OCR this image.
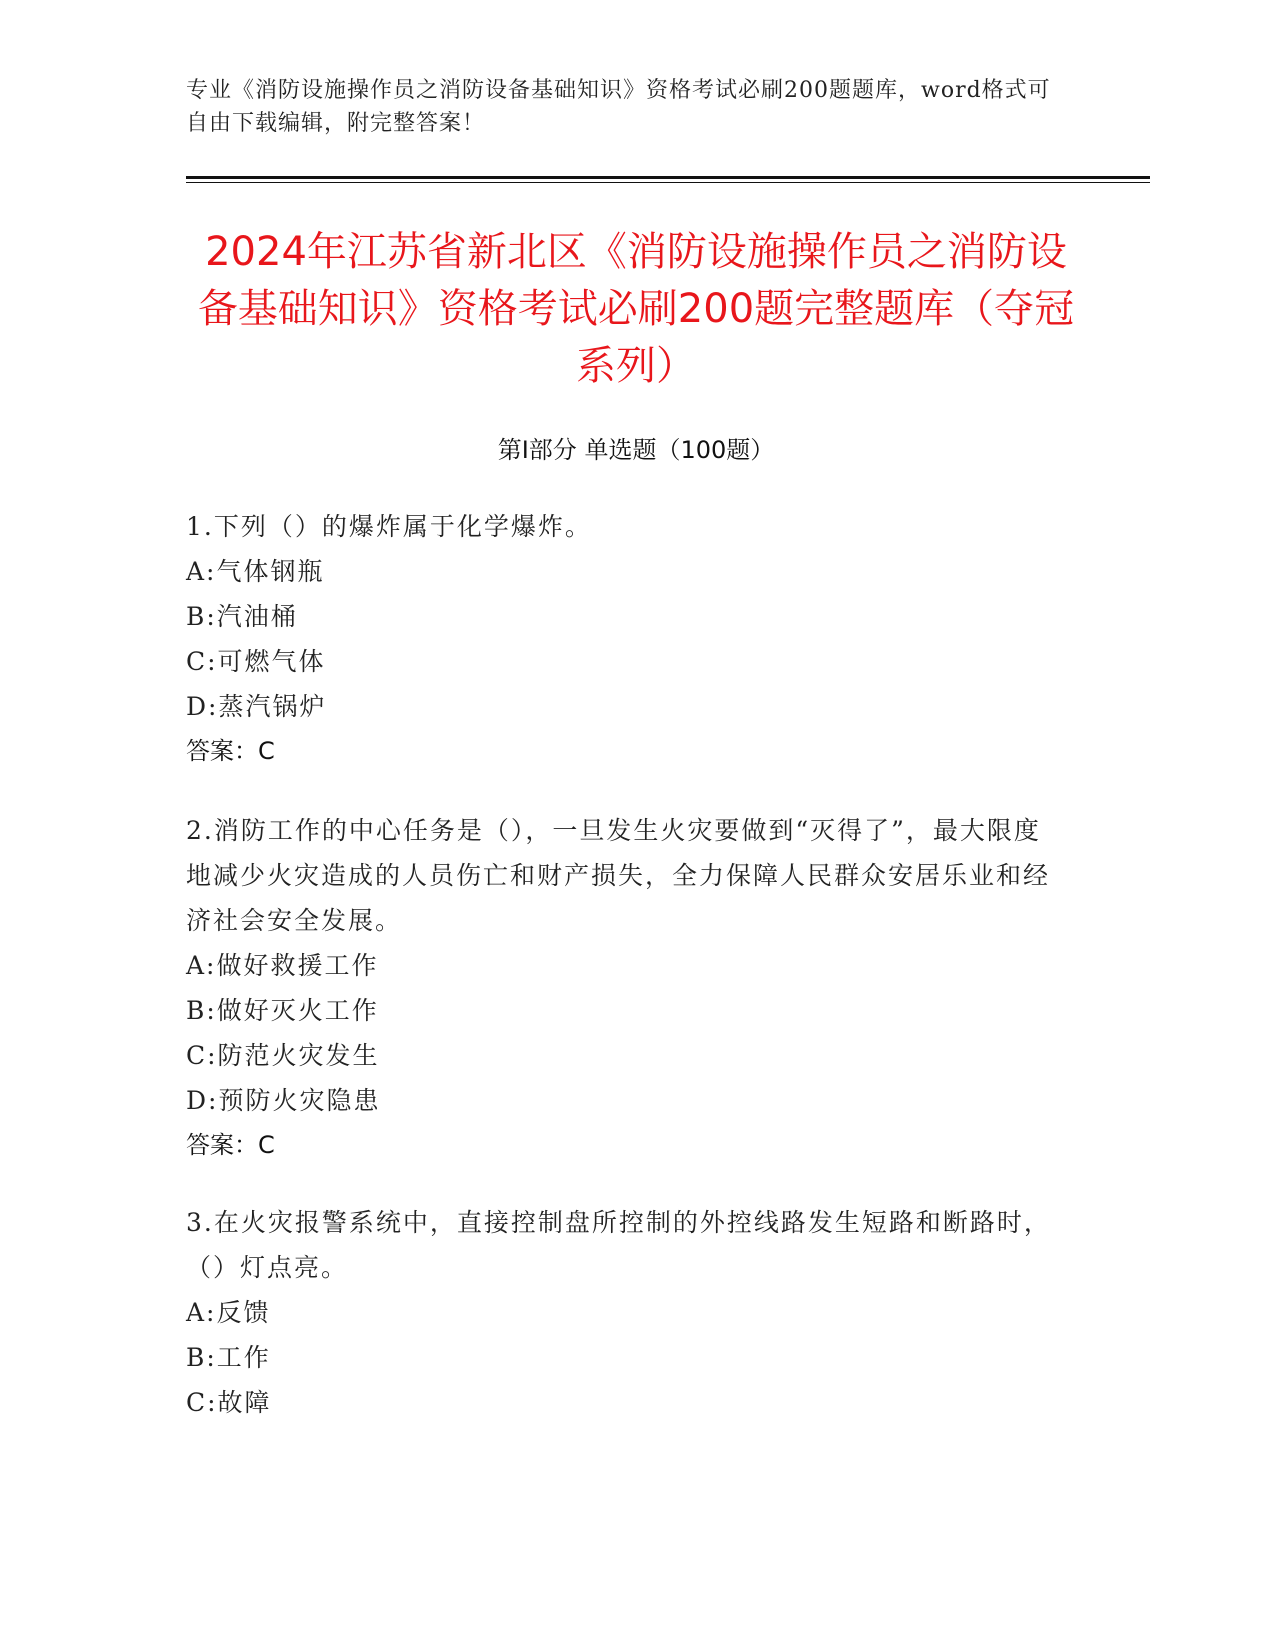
专业《消防设施操作员之消防设备基础知识》资格考试必刷200题题库，word格式可自由下载编辑，附完整答案！
2024年江苏省新北区《消防设施操作员之消防设备基础知识》资格考试必刷200题完整题库（夺冠系列）
第I部分 单选题（100题）
1.下列（）的爆炸属于化学爆炸。
A:气体钢瓶
B:汽油桶
C:可燃气体
D:蒸汽锅炉
答案：C
2.消防工作的中心任务是（），一旦发生火灾要做到“灭得了”，最大限度地减少火灾造成的人员伤亡和财产损失，全力保障人民群众安居乐业和经济社会安全发展。
A:做好救援工作
B:做好灭火工作
C:防范火灾发生
D:预防火灾隐患
答案：C
3.在火灾报警系统中，直接控制盘所控制的外控线路发生短路和断路时，（）灯点亮。
A:反馈
B:工作
C:故障
